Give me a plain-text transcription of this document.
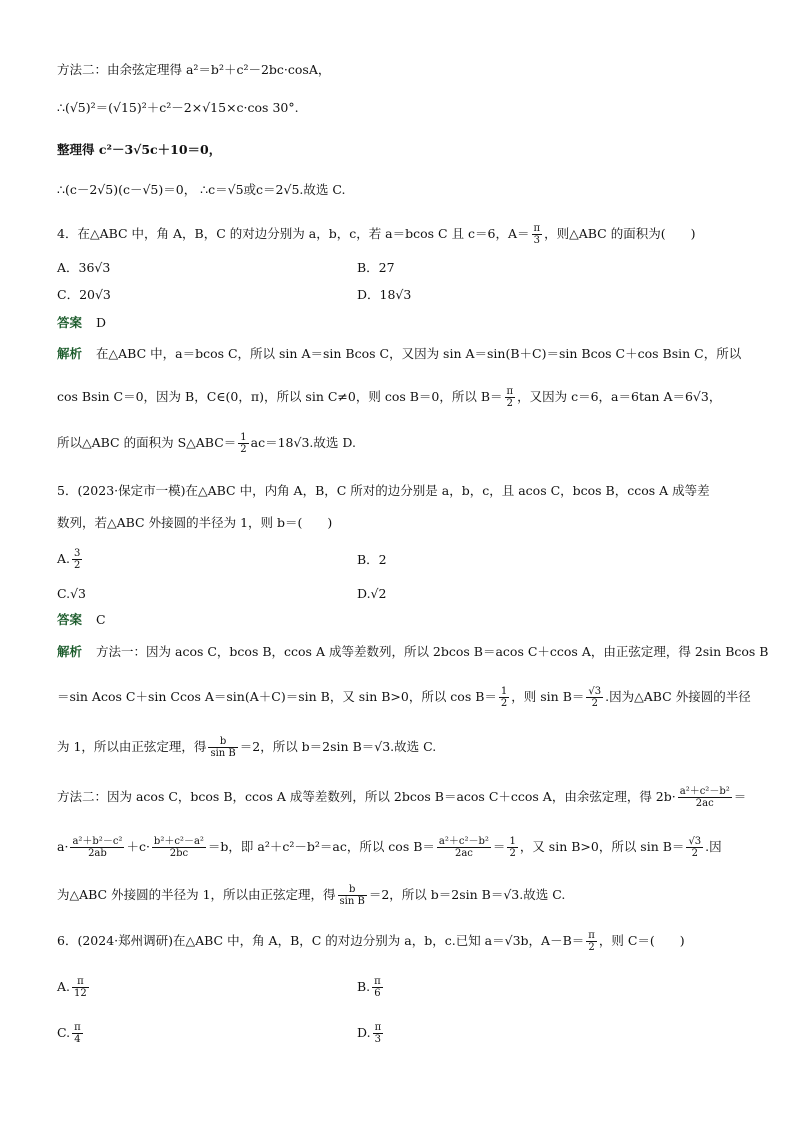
方法二：由余弦定理得 a²＝b²＋c²－2bc·cosA，
∴(√5)²＝(√15)²＋c²－2×√15×c·cos 30°.
整理得 c²－3√5c＋10＝0，
∴(c－2√5)(c－√5)＝0， ∴c＝√5或c＝2√5.故选 C.
4．在△ABC 中，角 A，B，C 的对边分别为 a，b，c，若 a＝bcos C 且 c＝6，$A= \frac{\pi}{3}$ ，则△ABC 的面积为(　　)
A．36√3	B．27
C．20√3	D．18√3
答案 D
解析 在△ABC 中，a＝bcos C，所以 sin A＝sin Bcos C，又因为 sin A＝sin(B＋C)＝sin Bcos C＋cos Bsin C，所以
cos Bsin C＝0，因为 B，C∈(0，π)，所以 sin C≠0，则 cos B＝0，所以 $B= \frac{\pi}{2}$ ，又因为 c＝6，a＝6tan A＝6√3，
所以△ABC 的面积为 S△ABC＝ $\frac{1}{2} ac=18√3$.故选 D.
5．(2023·保定市一模)在△ABC 中，内角 A，B，C 所对的边分别是 a，b，c，且 acos C，bcos B，ccos A 成等差
数列，若△ABC 外接圆的半径为 1，则 b＝(　　)
A. $\frac{3}{2}$	B．2
C.√3	D.√2
答案 C
解析 方法一：因为 acos C，bcos B，ccos A 成等差数列，所以 2bcos B＝acos C＋ccos A，由正弦定理，得 2sin Bcos B
＝sin Acos C＋sin Ccos A＝sin(A＋C)＝sin B，又 sin B>0，所以 $\cos B= \frac{1}{2}$ ，则 $\sin B= \frac{√3}{2}$ .因为△ABC 外接圆的半径
为 1，所以由正弦定理，得 $\frac{b}{\text{sin B}} =2$，所以 b＝2sin B＝√3.故选 C.
方法二：因为 acos C，bcos B，ccos A 成等差数列，所以 2bcos B＝acos C＋ccos A，由余弦定理，得 $2b\cdot \frac{\text{a²＋c²－b²}}{2ac}$ ＝
$a\cdot \frac{\text{a²＋b²－c²}}{2ab} +c\cdot \frac{\text{b²＋c²－a²}}{2bc} =b$，即 a²＋c²－b²＝ac，所以 $\cos B= \frac{\text{a²＋c²－b²}}{2ac} = \frac{1}{2}$ ，又 sin B>0，所以 $\sin B= \frac{√3}{2}$ .因
为△ABC 外接圆的半径为 1，所以由正弦定理，得 $\frac{b}{\text{sin B}} =2$，所以 b＝2sin B＝√3.故选 C.
6．(2024·郑州调研)在△ABC 中，角 A，B，C 的对边分别为 a，b，c.已知 a＝√3b，$A-B= \frac{\pi}{2}$ ，则 C＝(　　)
A. $\frac{\pi}{12}$	B. $\frac{\pi}{6}$
C. $\frac{\pi}{4}$	D. $\frac{\pi}{3}$
